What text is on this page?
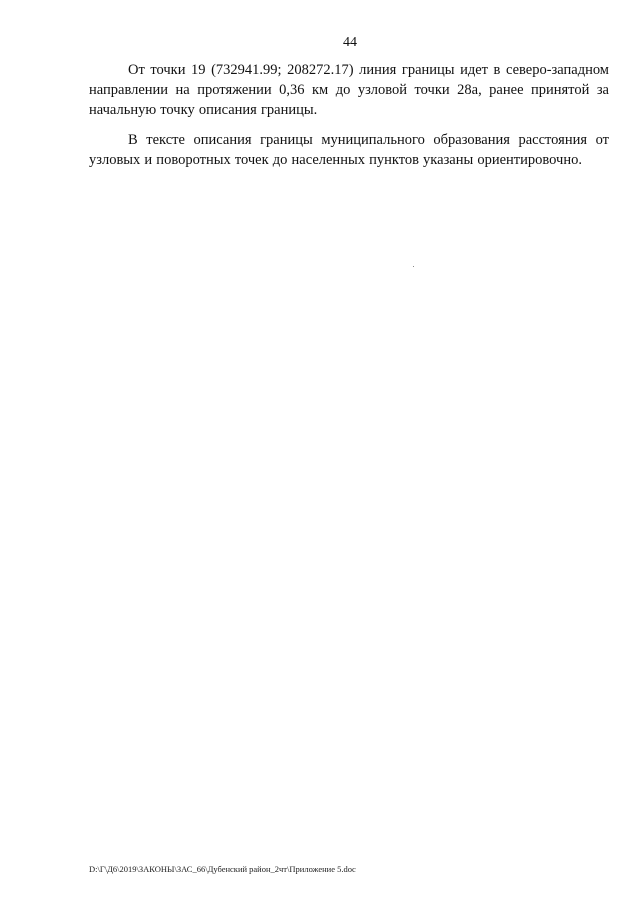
44

От точки 19 (732941.99; 208272.17) линия границы идет в северо-западном направлении на протяжении 0,36 км до узловой точки 28а, ранее принятой за начальную точку описания границы.

В тексте описания границы муниципального образования расстояния от узловых и поворотных точек до населенных пунктов указаны ориентировочно.

D:\Г\Д6\2019\ЗАКОНЫ\ЗАС_66\Дубенский район_2чт\Приложение 5.doc
